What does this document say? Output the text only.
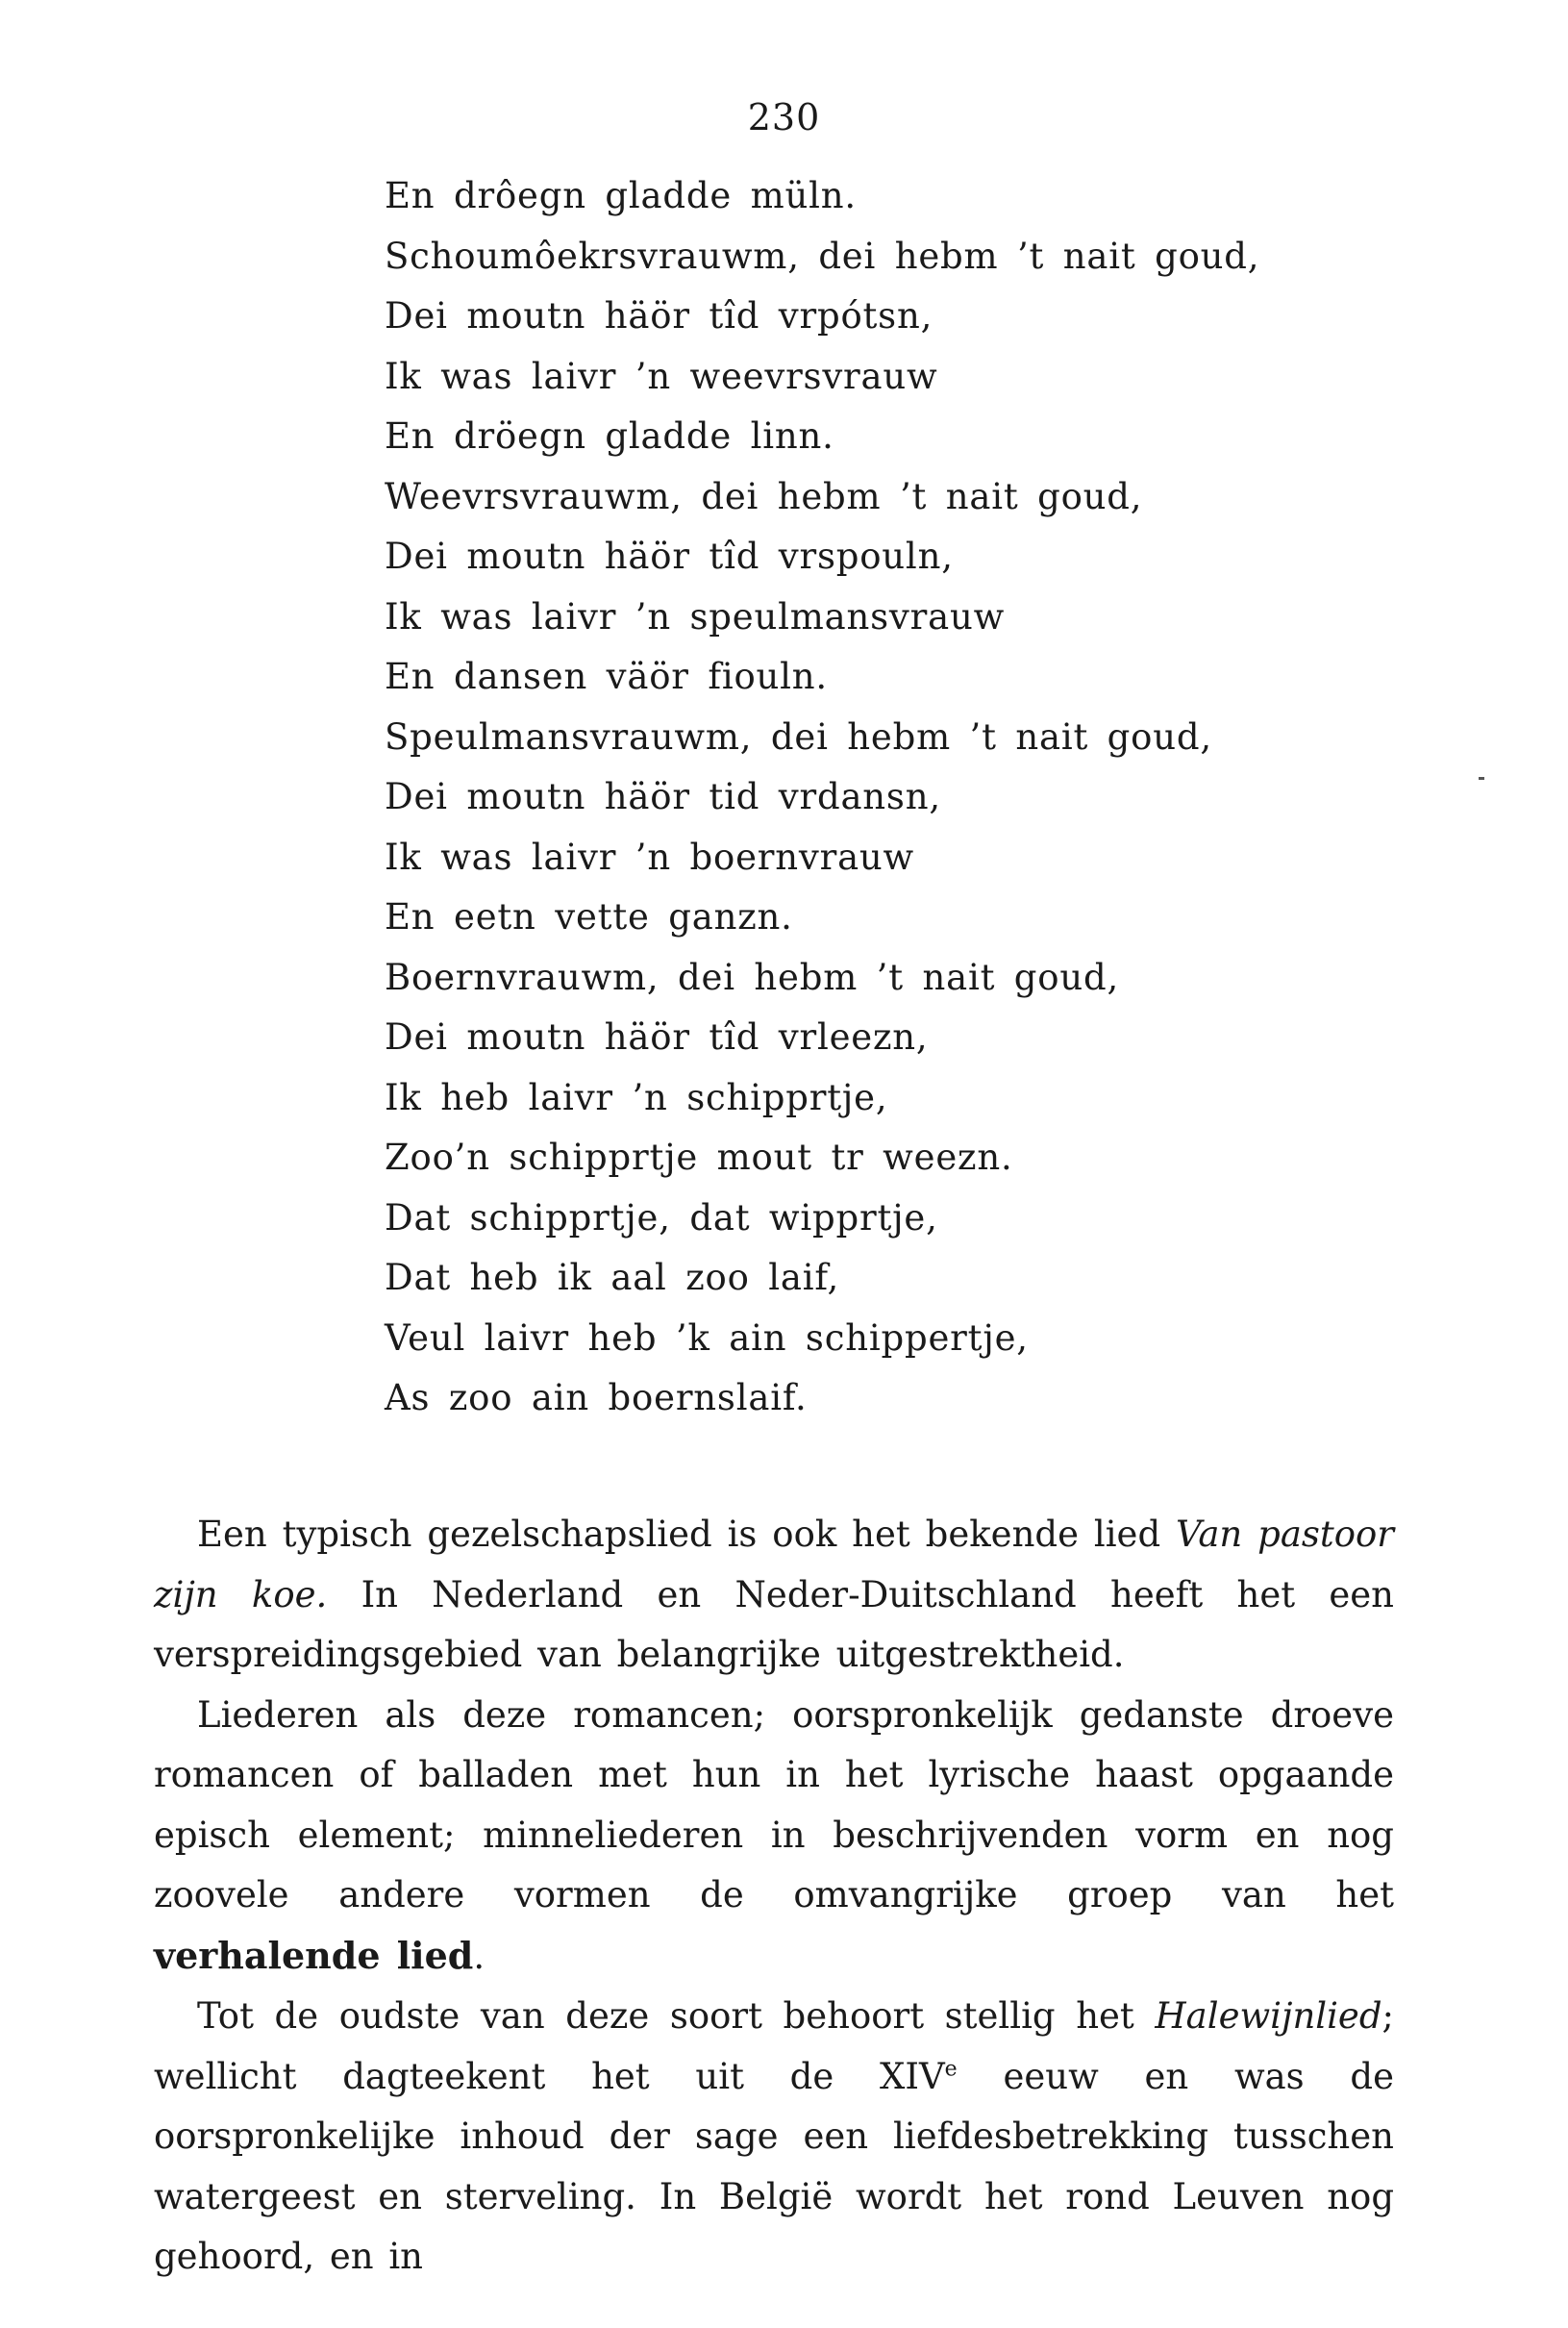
230
En drôegn gladde müln.
Schoumôekrsvrauwm, dei hebm ’t nait goud,
Dei moutn häör tîd vrpótsn,
Ik was laivr ’n weevrsvrauw
En dröegn gladde linn.
Weevrsvrauwm, dei hebm ’t nait goud,
Dei moutn häör tîd vrspouln,
Ik was laivr ’n speulmansvrauw
En dansen väör fiouln.
Speulmansvrauwm, dei hebm ’t nait goud,
Dei moutn häör tid vrdansn,
Ik was laivr ’n boernvrauw
En eetn vette ganzn.
Boernvrauwm, dei hebm ’t nait goud,
Dei moutn häör tîd vrleezn,
Ik heb laivr ’n schipprtje,
Zoo’n schipprtje mout tr weezn.
Dat schipprtje, dat wipprtje,
Dat heb ik aal zoo laif,
Veul laivr heb ’k ain schippertje,
As zoo ain boernslaif.

Een typisch gezelschapslied is ook het bekende lied Van pastoor zijn koe. In Nederland en Neder-Duitschland heeft het een verspreidingsgebied van belangrijke uitgestrektheid.

Liederen als deze romancen; oorspronkelijk gedanste droeve romancen of balladen met hun in het lyrische haast opgaande episch element; minneliederen in beschrijvenden vorm en nog zoovele andere vormen de omvangrijke groep van het verhalende lied.

Tot de oudste van deze soort behoort stellig het Halewijnlied; wellicht dagteekent het uit de XIVe eeuw en was de oorspronkelijke inhoud der sage een liefdesbetrekking tusschen watergeest en sterveling. In België wordt het rond Leuven nog gehoord, en in
